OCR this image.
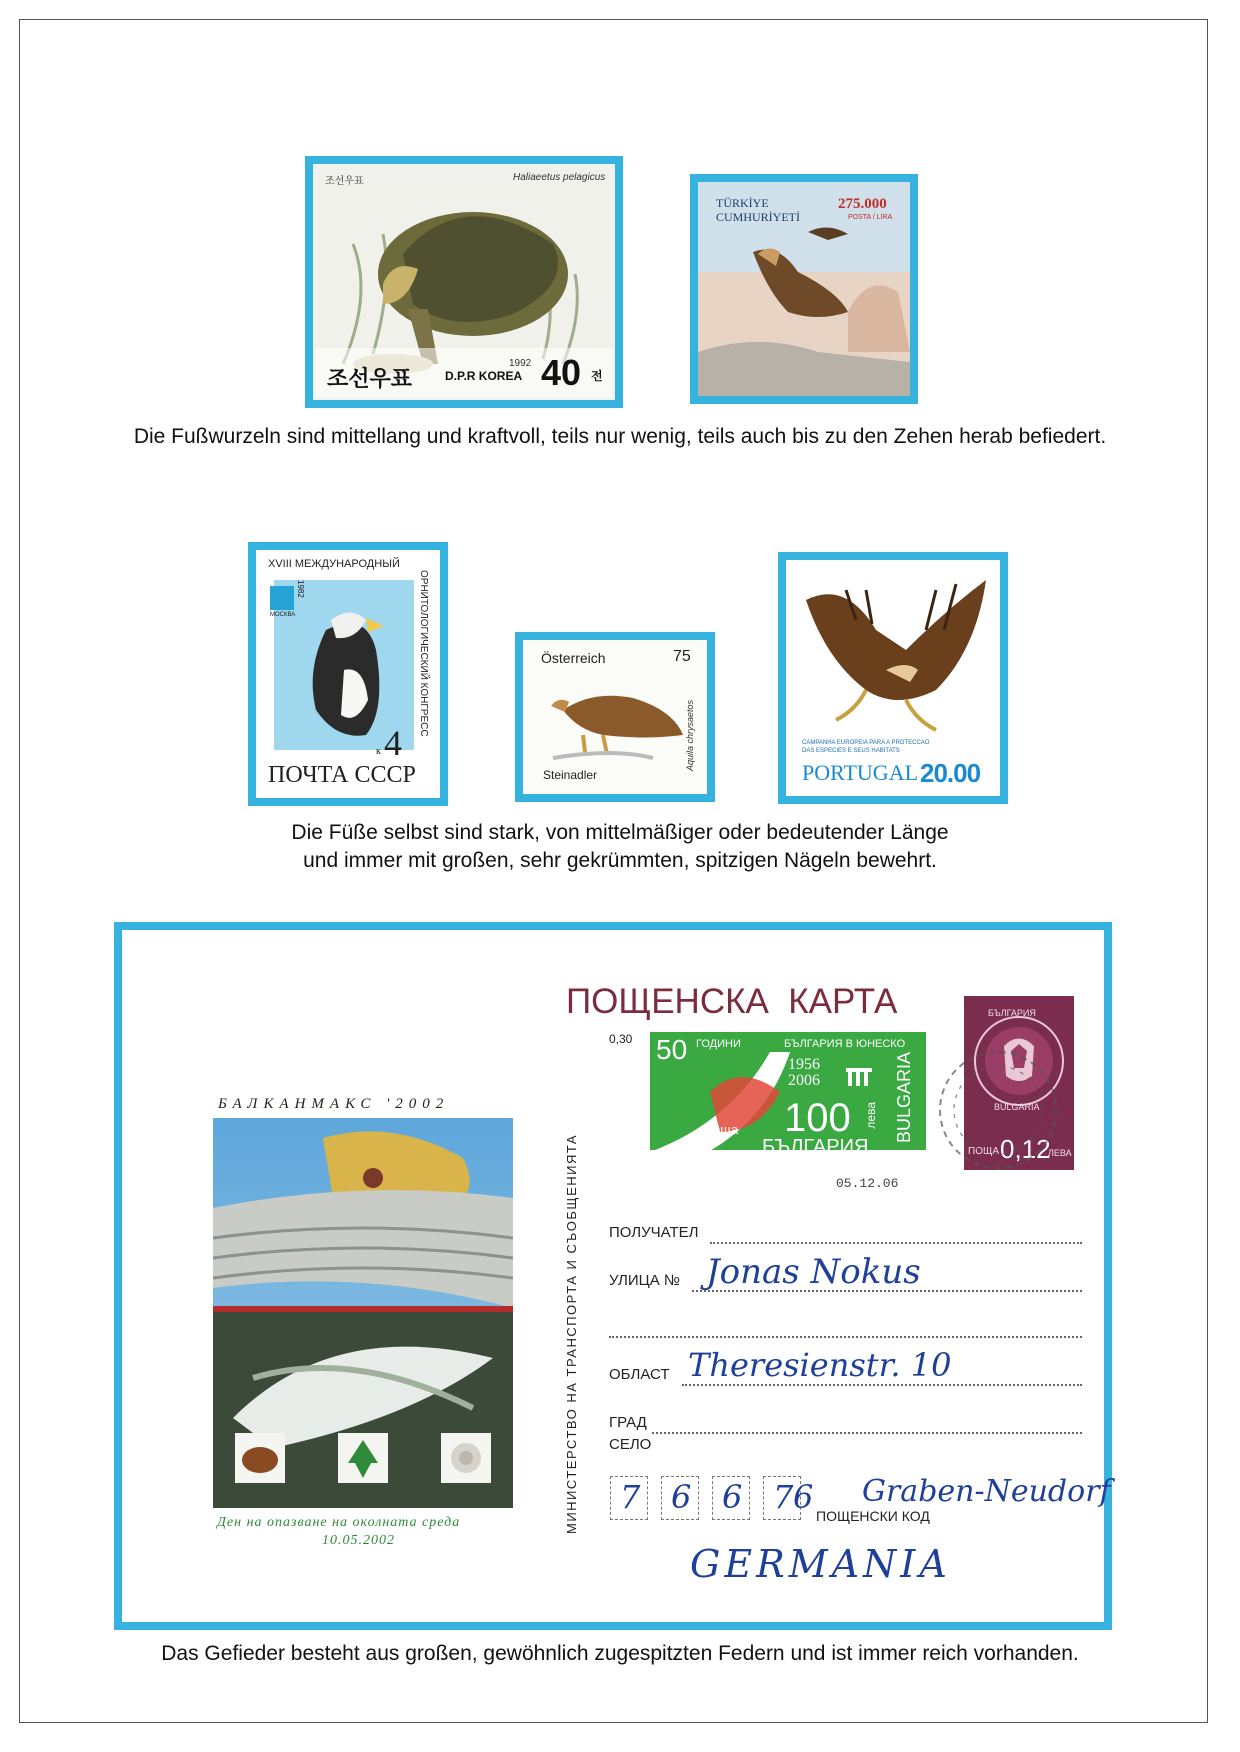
조선우표	Haliaeetus pelagicus
조선우표	D.P.R KOREA
1992 40 전
TÜRKİYE
CUMHURİYETİ
275.000
POSTA / LİRA
Die Fußwurzeln sind mittellang und kraftvoll, teils nur wenig, teils auch bis zu den Zehen herab befiedert.
XVIII МЕЖДУНАРОДНЫЙ
МОСКВА	ОРНИТОЛОГИЧЕСКИЙ КОНГРЕСС
1982
4
к
ПОЧТА СССР
Österreich	75
Steinadler
Aquila chrysaetos	CAMPANHA EUROPEIA PARA A PROTECCAO
DAS ESPECIES E SEUS HABITATS
PORTUGAL 20.00
Die Füße selbst sind stark, von mittelmäßiger oder bedeutender Länge
und immer mit großen, sehr gekrümmten, spitzigen Nägeln bewehrt.
БАЛКАНМАКС '2002
Ден на опазване на околната среда
10.05.2002
МИНИСТЕРСТВО НА ТРАНСПОРТА И СЪОБЩЕНИЯТА
ПОЩЕНСКА  КАРТА
0,30 50 ГОДИНИ	БЪЛГАРИЯ В ЮНЕСКО
1956
2006
100 лева
поща
БЪЛГАРИЯ
BULGARIA
БЪЛГАРИЯ
BULGARIA
ПОЩА 0,12
ЛЕВА
05.12.06
ПОЛУЧАТЕЛ
УЛИЦА № Jonas Nokus
ОБЛАСТ Theresienstr. 10
ГРАД
СЕЛО
7 6 6 7 6 Graben-Neudorf
ПОЩЕНСКИ КОД
GERMANIA
Das Gefieder besteht aus großen, gewöhnlich zugespitzten Federn und ist immer reich vorhanden.
